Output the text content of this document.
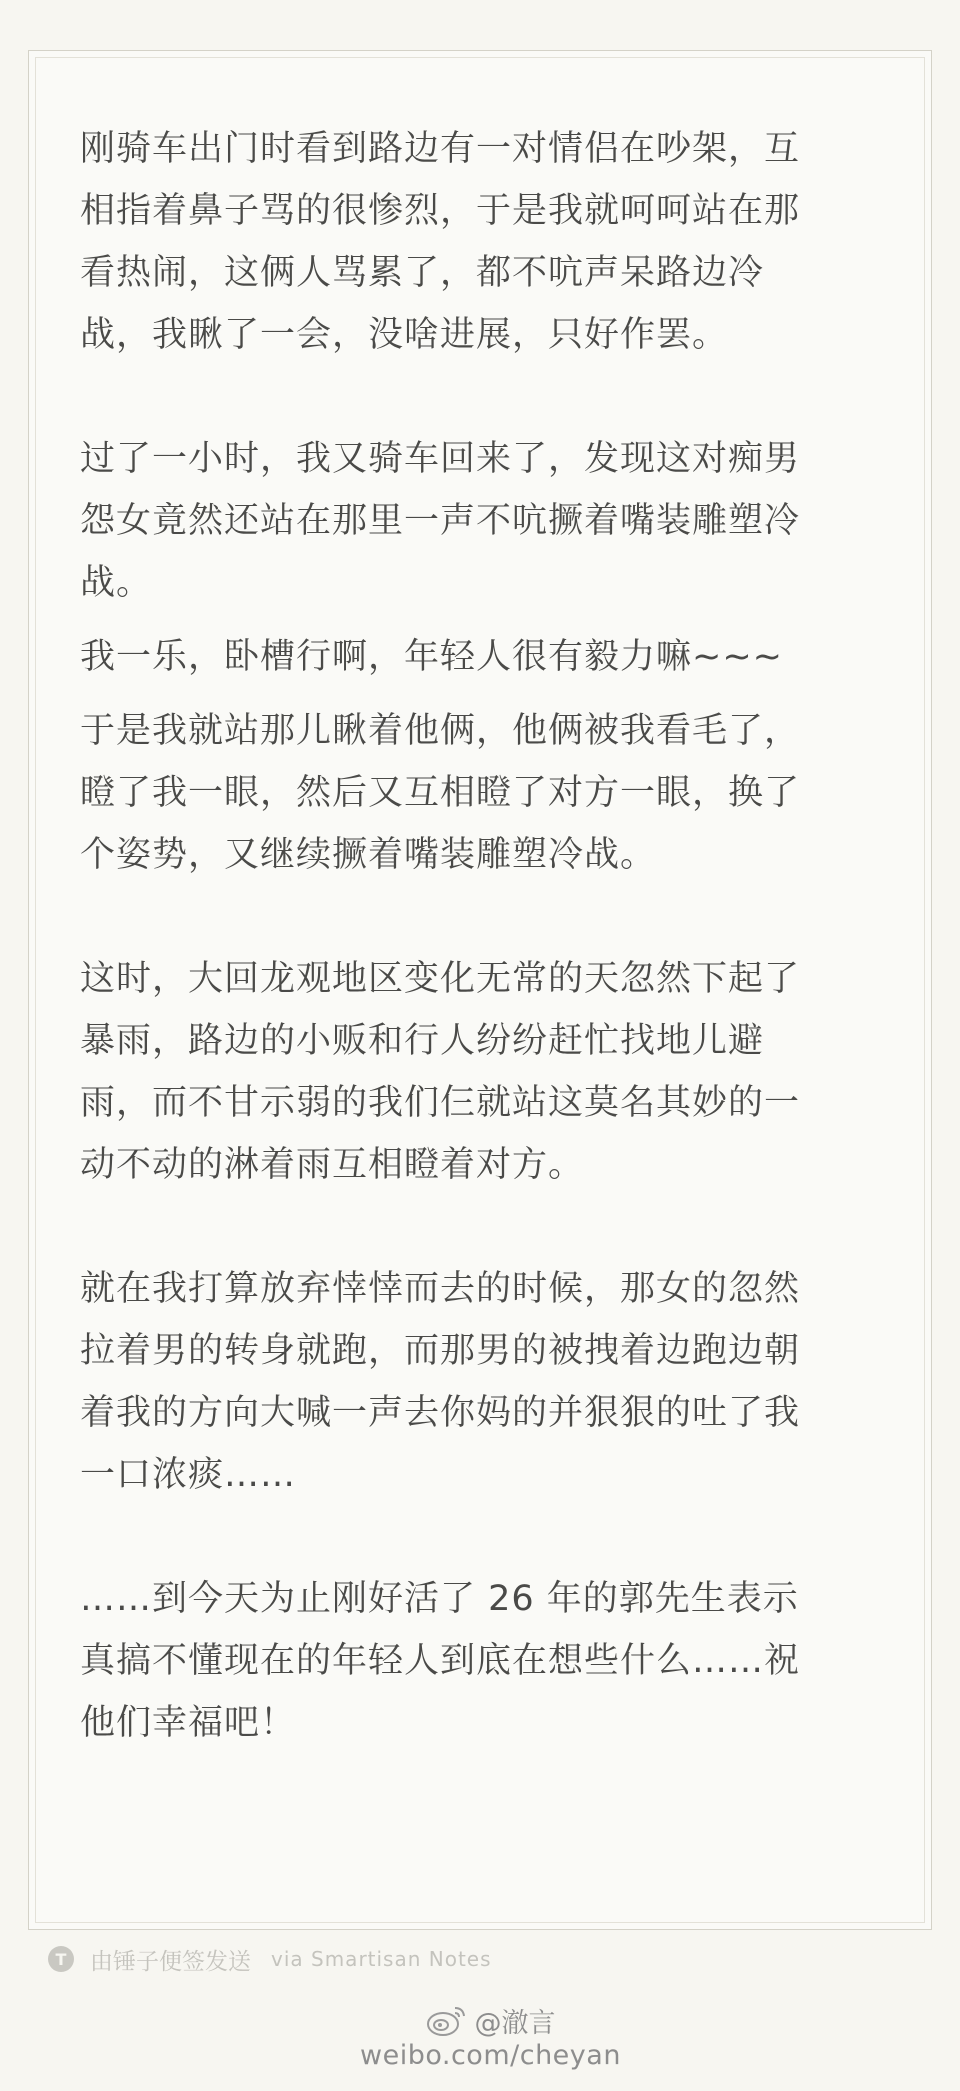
刚骑车出门时看到路边有一对情侣在吵架，互
相指着鼻子骂的很惨烈，于是我就呵呵站在那
看热闹，这俩人骂累了，都不吭声呆路边冷
战，我瞅了一会，没啥进展，只好作罢。

过了一小时，我又骑车回来了，发现这对痴男
怨女竟然还站在那里一声不吭撅着嘴装雕塑冷
战。

我一乐，卧槽行啊，年轻人很有毅力嘛~~~

于是我就站那儿瞅着他俩，他俩被我看毛了，
瞪了我一眼，然后又互相瞪了对方一眼，换了
个姿势，又继续撅着嘴装雕塑冷战。

这时，大回龙观地区变化无常的天忽然下起了
暴雨，路边的小贩和行人纷纷赶忙找地儿避
雨，而不甘示弱的我们仨就站这莫名其妙的一
动不动的淋着雨互相瞪着对方。

就在我打算放弃悻悻而去的时候，那女的忽然
拉着男的转身就跑，而那男的被拽着边跑边朝
着我的方向大喊一声去你妈的并狠狠的吐了我
一口浓痰……

……到今天为止刚好活了 26 年的郭先生表示
真搞不懂现在的年轻人到底在想些什么……祝
他们幸福吧！

T	由锤子便签发送 via Smartisan Notes
@澈言
weibo.com/cheyan
